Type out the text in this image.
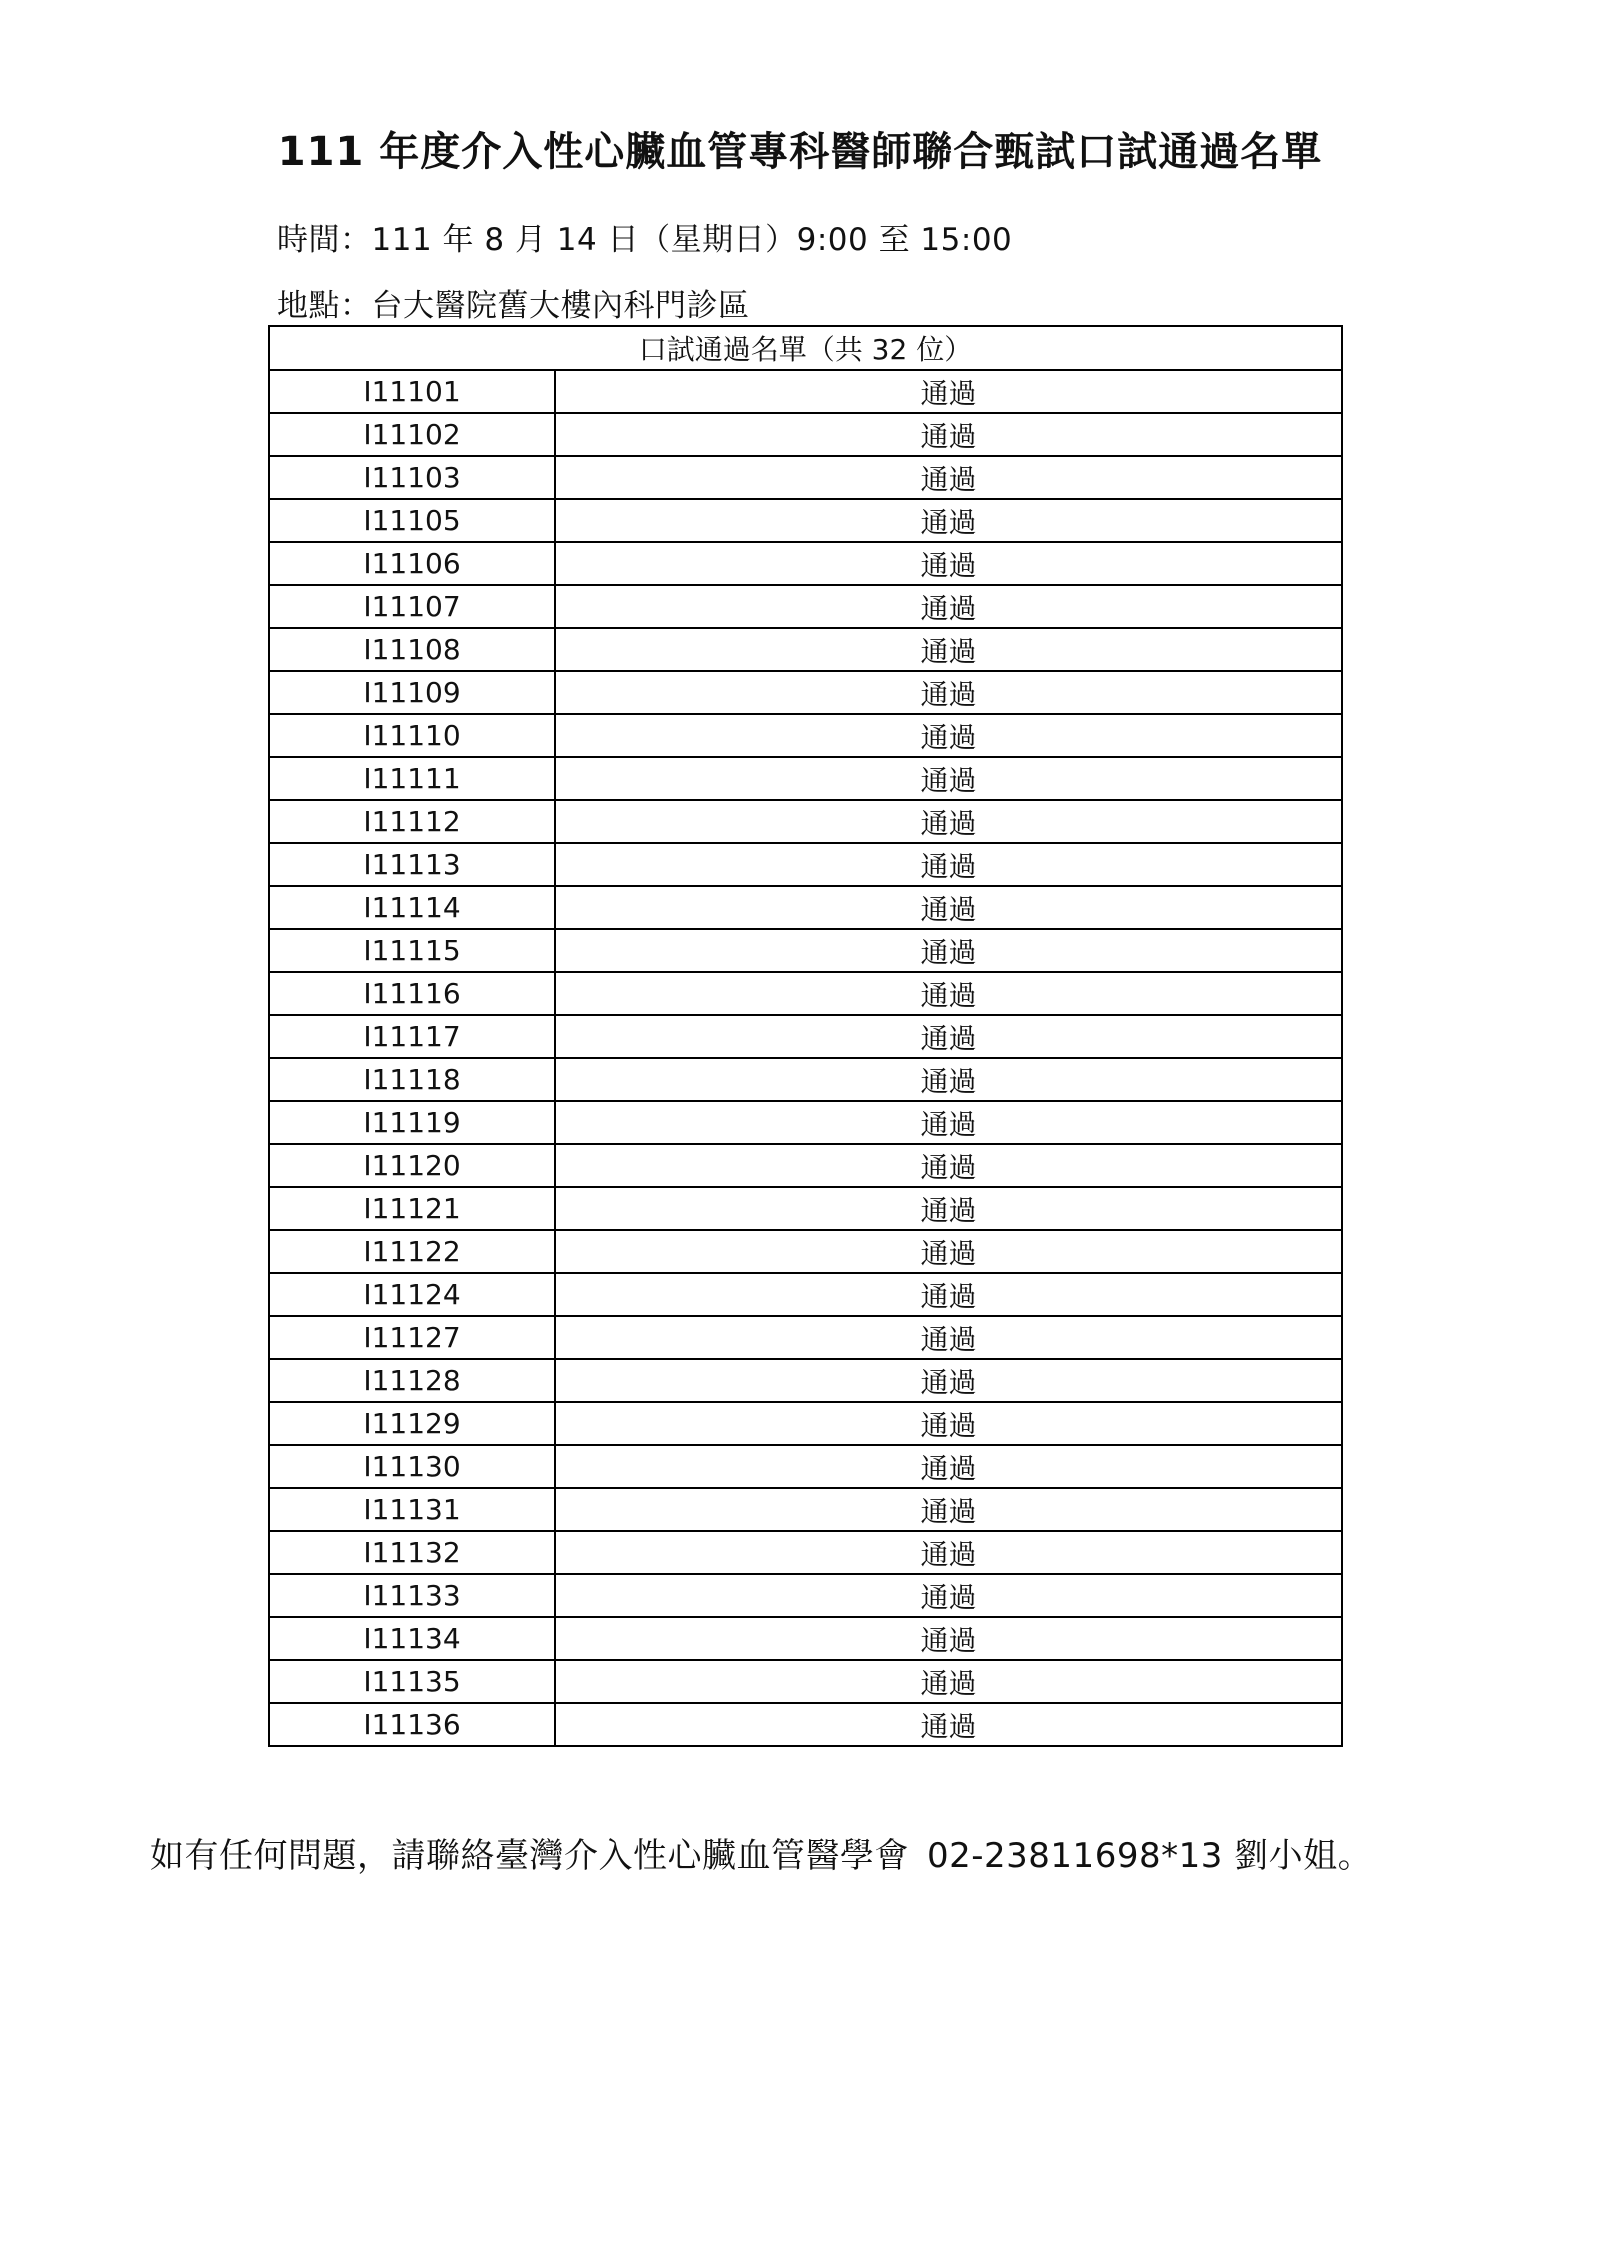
111 年度介入性心臟血管專科醫師聯合甄試口試通過名單
時間：111 年 8 月 14 日（星期日）9:00 至 15:00
地點：台大醫院舊大樓內科門診區
口試通過名單（共 32 位）	
I11101	通過
I11102	通過
I11103	通過
I11105	通過
I11106	通過
I11107	通過
I11108	通過
I11109	通過
I11110	通過
I11111	通過
I11112	通過
I11113	通過
I11114	通過
I11115	通過
I11116	通過
I11117	通過
I11118	通過
I11119	通過
I11120	通過
I11121	通過
I11122	通過
I11124	通過
I11127	通過
I11128	通過
I11129	通過
I11130	通過
I11131	通過
I11132	通過
I11133	通過
I11134	通過
I11135	通過
I11136	通過
如有任何問題，請聯絡臺灣介入性心臟血管醫學會 02-23811698*13 劉小姐。
